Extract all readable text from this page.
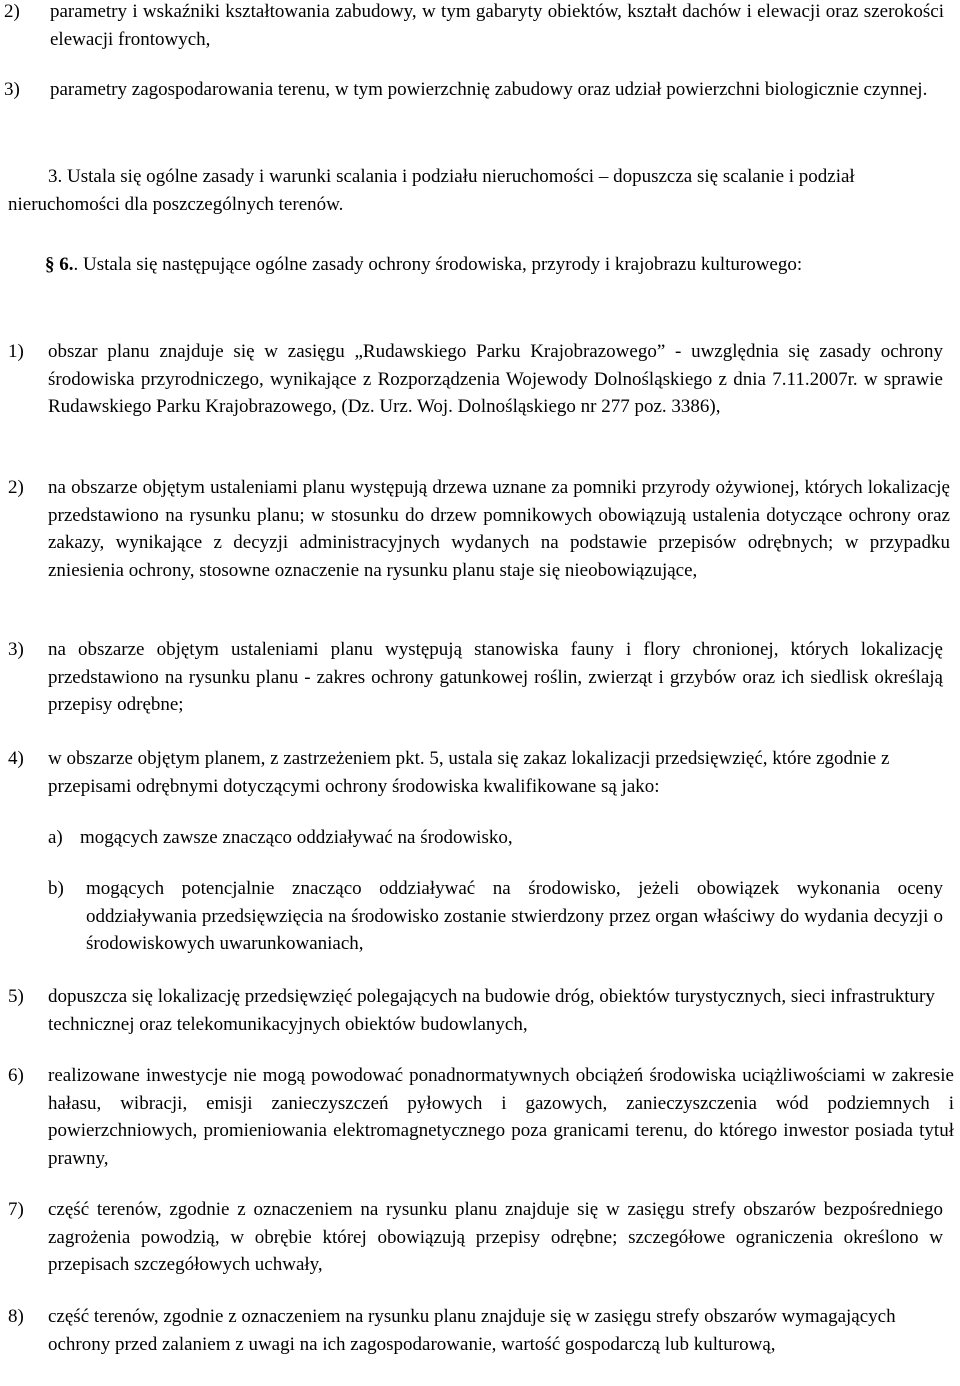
2)	parametry i wskaźniki kształtowania zabudowy, w tym gabaryty obiektów, kształt dachów i elewacji oraz szerokości elewacji frontowych,
3)	parametry zagospodarowania terenu, w tym powierzchnię zabudowy oraz udział powierzchni biologicznie czynnej.

3. Ustala się ogólne zasady i warunki scalania i podziału nieruchomości – dopuszcza się scalanie i podział nieruchomości dla poszczególnych terenów.

§ 6.. Ustala się następujące ogólne zasady ochrony środowiska, przyrody i krajobrazu kulturowego:

1)	obszar planu znajduje się w zasięgu „Rudawskiego Parku Krajobrazowego” - uwzględnia się zasady ochrony środowiska przyrodniczego, wynikające z Rozporządzenia Wojewody Dolnośląskiego z dnia 7.11.2007r. w sprawie Rudawskiego Parku Krajobrazowego, (Dz. Urz. Woj. Dolnośląskiego nr 277 poz. 3386),
2)	na obszarze objętym ustaleniami planu występują drzewa uznane za pomniki przyrody ożywionej, których lokalizację przedstawiono na rysunku planu; w stosunku do drzew pomnikowych obowiązują ustalenia dotyczące ochrony oraz zakazy, wynikające z decyzji administracyjnych wydanych na podstawie przepisów odrębnych; w przypadku zniesienia ochrony, stosowne oznaczenie na rysunku planu staje się nieobowiązujące,
3)	na obszarze objętym ustaleniami planu występują stanowiska fauny i flory chronionej, których lokalizację przedstawiono na rysunku planu - zakres ochrony gatunkowej roślin, zwierząt i grzybów oraz ich siedlisk określają przepisy odrębne;
4)	w obszarze objętym planem, z zastrzeżeniem pkt. 5, ustala się zakaz lokalizacji przedsięwzięć, które zgodnie z przepisami odrębnymi dotyczącymi ochrony środowiska kwalifikowane są jako:
a) mogących zawsze znacząco oddziaływać na środowisko,
b)	mogących potencjalnie znacząco oddziaływać na środowisko, jeżeli obowiązek wykonania oceny oddziaływania przedsięwzięcia na środowisko zostanie stwierdzony przez organ właściwy do wydania decyzji o środowiskowych uwarunkowaniach,
5)	dopuszcza się lokalizację przedsięwzięć polegających na budowie dróg, obiektów turystycznych, sieci infrastruktury technicznej oraz telekomunikacyjnych obiektów budowlanych,
6)	realizowane inwestycje nie mogą powodować ponadnormatywnych obciążeń środowiska uciążliwościami w zakresie hałasu, wibracji, emisji zanieczyszczeń pyłowych i gazowych, zanieczyszczenia wód podziemnych i powierzchniowych, promieniowania elektromagnetycznego poza granicami terenu, do którego inwestor posiada tytuł prawny,
7)	część terenów, zgodnie z oznaczeniem na rysunku planu znajduje się w zasięgu strefy obszarów bezpośredniego zagrożenia powodzią, w obrębie której obowiązują przepisy odrębne; szczegółowe ograniczenia określono w przepisach szczegółowych uchwały,
8)	część terenów, zgodnie z oznaczeniem na rysunku planu znajduje się w zasięgu strefy obszarów wymagających ochrony przed zalaniem z uwagi na ich zagospodarowanie, wartość gospodarczą lub kulturową,
